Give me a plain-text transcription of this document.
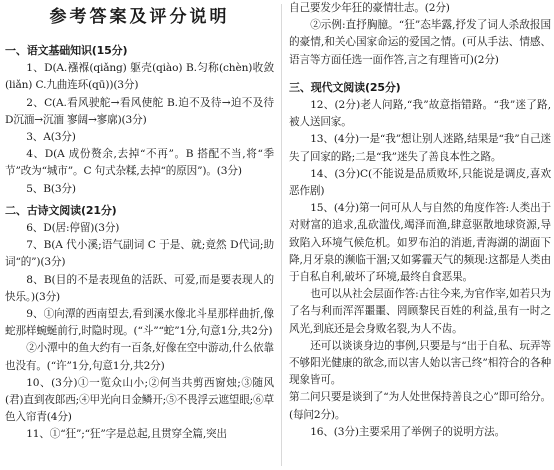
参考答案及评分说明
一、语文基础知识(15分)

1、D(A.襁褓(qiǎng) 躯壳(qiào) B.匀称(chèn)收敛(liǎn) C.九曲连环(qū))(3分)

2、C(A.看风驶舵→看风使舵 B.迫不及待→迫不及待 D沉湎→沉湎 寥阔→寥廓)(3分)

3、A(3分)

4、D(A 成份赘余,去掉“不再”。B 搭配不当,将“季节”改为“城市”。C 句式杂糅,去掉“的原因”)。(3分)

5、B(3分)

二、古诗文阅读(21分)

6、D(居:停留)(3分)

7、B(A 代小溪;语气副词 C 于是、就;竟然 D代词;助词“的”)(3分)

8、B(目的不是表现鱼的活跃、可爱,而是要表现人的快乐。)(3分)

9、①向潭的西南望去,看到溪水像北斗星那样曲折,像蛇那样蜿蜒前行,时隐时现。(“斗”“蛇”1分,句意1分,共2分)

②小潭中的鱼大约有一百条,好像在空中游动,什么依靠也没有。(“许”1分,句意1分,共2分)

10、(3分)①一览众山小;②何当共剪西窗烛;③随风(君)直到夜郎西;④甲光向日金鳞开;⑤不畏浮云遮望眼;⑥草色入帘青(4分)

11、①“狂”;“狂”字是总起,且贯穿全篇,突出

自己要发少年狂的豪情壮志。(2分)

②示例:直抒胸臆。“狂”态毕露,抒发了词人杀敌报国的豪情,和关心国家命运的爱国之情。(可从手法、情感、语言等方面任选一面作答,言之有理皆可)(2分)

三、现代文阅读(25分)

12、(2分)老人问路,“我”故意指错路。“我”迷了路,被人送回家。

13、(4分)一是“我”想让别人迷路,结果是“我”自己迷失了回家的路;二是“我”迷失了善良本性之路。

14、(3分)C(不能说是品质败坏,只能说是调皮,喜欢恶作剧)

15、(4分)第一问可从人与自然的角度作答:人类出于对财富的追求,乱砍滥伐,竭泽而渔,肆意驱散地球资源,导致陷入环境气候危机。如罗布泊的消逝,青海湖的湖面下降,月牙泉的濒临干涸;又如雾霾天气的频现:这都是人类由于自私自利,破坏了环境,最终自食恶果。

也可以从社会层面作答:古往今来,为官作宰,如若只为了名与利而浑浑噩噩、罔顾黎民百姓的利益,虽有一时之风光,到底还是会身败名裂,为人不齿。

还可以谈谈身边的事例,只要是与“出于自私、玩弄等不够阳光健康的欲念,而以害人始以害己终”相符合的各种现象皆可。

第二问只要是谈到了“为人处世保持善良之心”即可给分。(每问2分)。

16、(3分)主要采用了举例子的说明方法。
